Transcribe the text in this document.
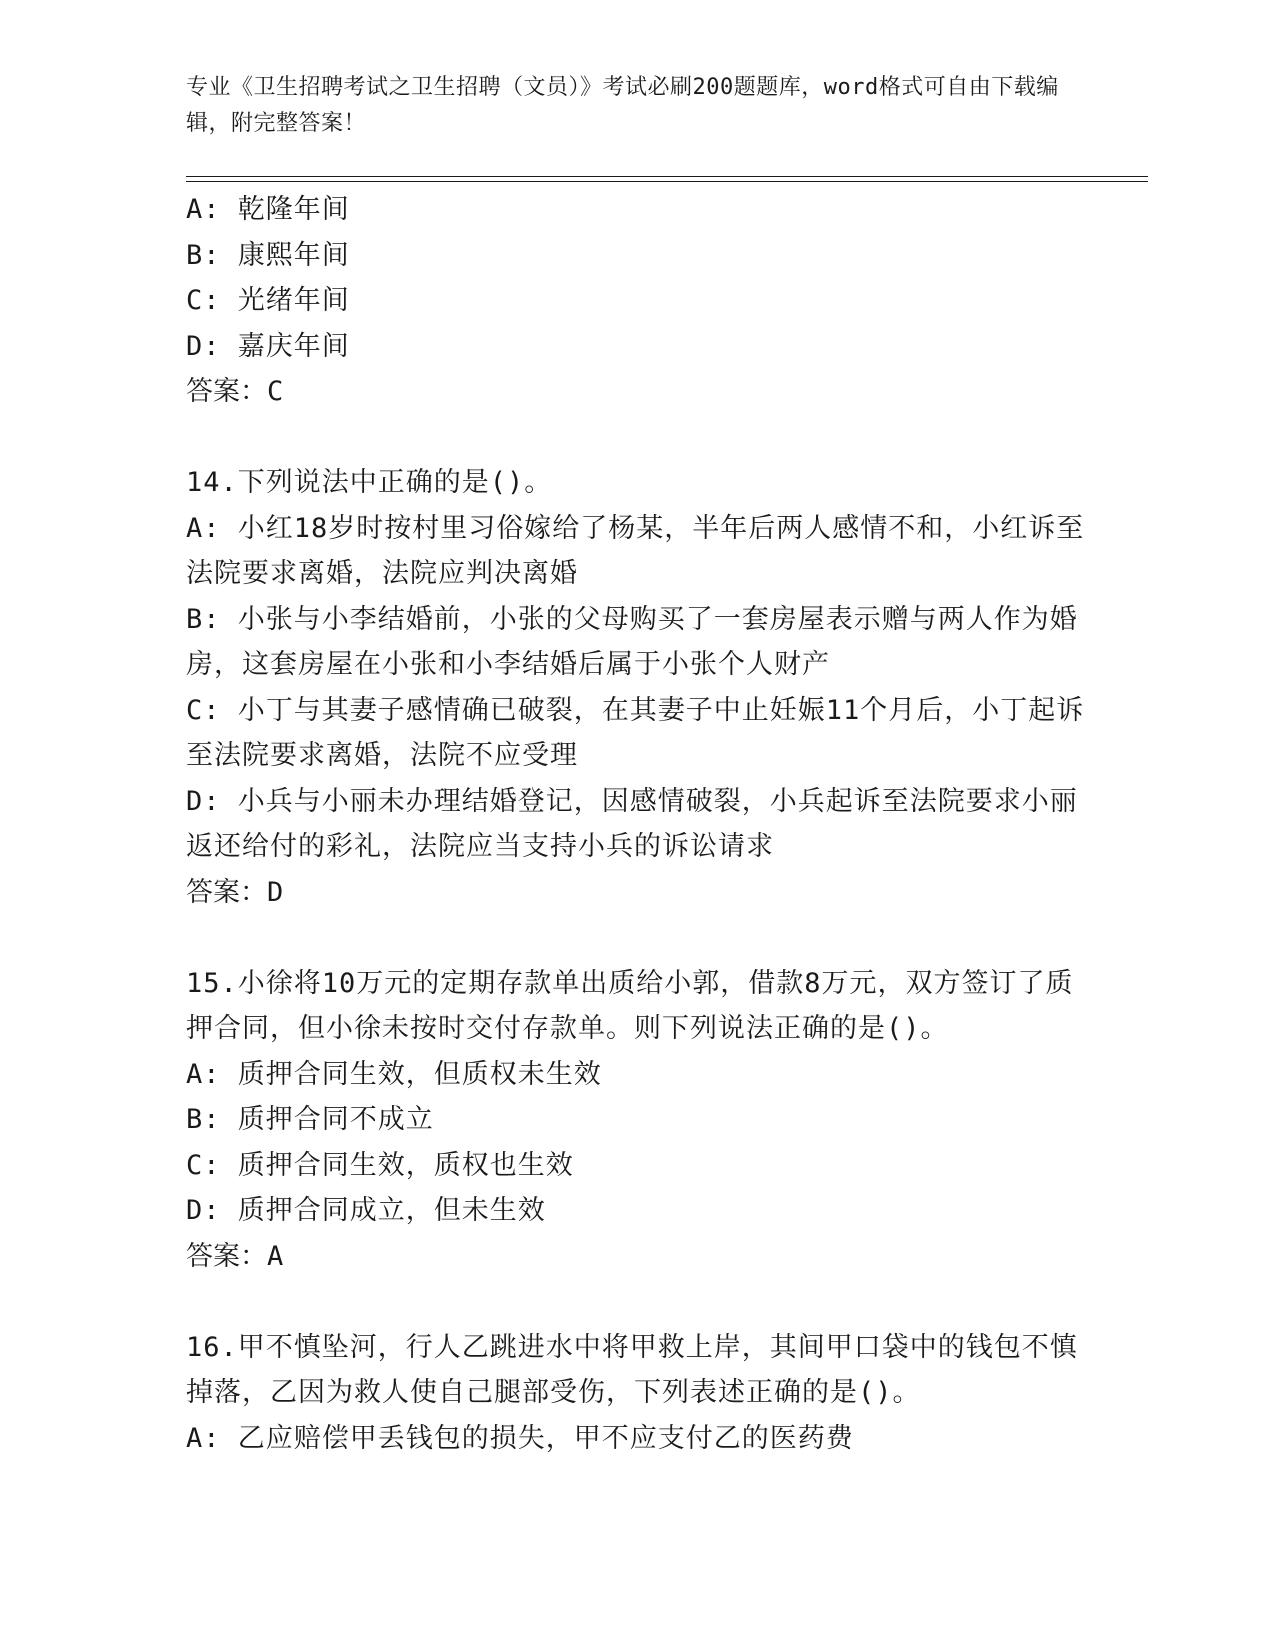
专业《卫生招聘考试之卫生招聘（文员）》考试必刷200题题库，word格式可自由下载编辑，附完整答案！
A: 乾隆年间
B: 康熙年间
C: 光绪年间
D: 嘉庆年间
答案：C
14.下列说法中正确的是()。
A: 小红18岁时按村里习俗嫁给了杨某，半年后两人感情不和，小红诉至法院要求离婚，法院应判决离婚
B: 小张与小李结婚前，小张的父母购买了一套房屋表示赠与两人作为婚房，这套房屋在小张和小李结婚后属于小张个人财产
C: 小丁与其妻子感情确已破裂，在其妻子中止妊娠11个月后，小丁起诉至法院要求离婚，法院不应受理
D: 小兵与小丽未办理结婚登记，因感情破裂，小兵起诉至法院要求小丽返还给付的彩礼，法院应当支持小兵的诉讼请求
答案：D
15.小徐将10万元的定期存款单出质给小郭，借款8万元，双方签订了质押合同，但小徐未按时交付存款单。则下列说法正确的是()。
A: 质押合同生效，但质权未生效
B: 质押合同不成立
C: 质押合同生效，质权也生效
D: 质押合同成立，但未生效
答案：A
16.甲不慎坠河，行人乙跳进水中将甲救上岸，其间甲口袋中的钱包不慎掉落，乙因为救人使自己腿部受伤，下列表述正确的是()。
A: 乙应赔偿甲丢钱包的损失，甲不应支付乙的医药费
